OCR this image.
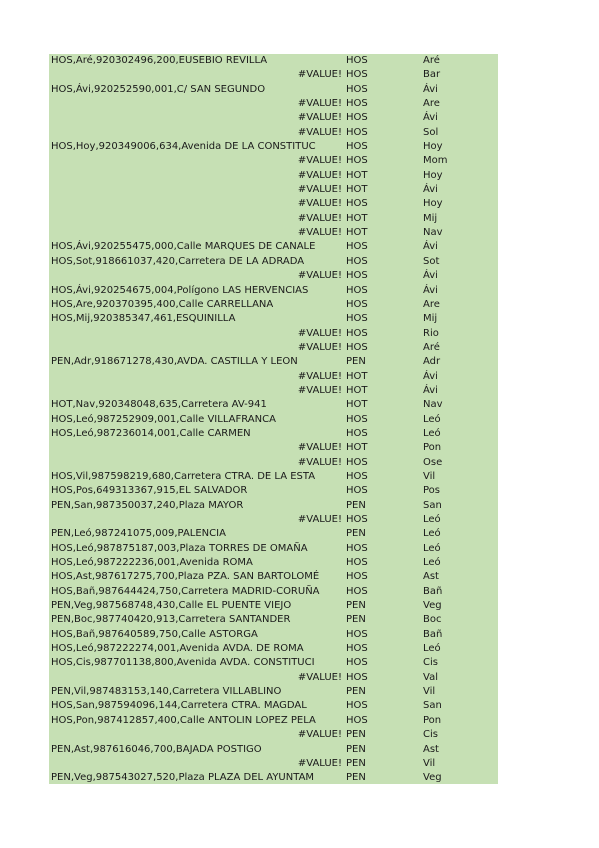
HOS,Aré,920302496,200,EUSEBIO REVILLA	HOS	Aré
#VALUE! HOS	Bar
HOS,Ávi,920252590,001,C/ SAN SEGUNDO	HOS	Ávi
#VALUE! HOS	Are
#VALUE! HOS	Ávi
#VALUE! HOS	Sol
HOS,Hoy,920349006,634,Avenida DE LA CONSTITUC	HOS	Hoy
#VALUE! HOS	Mom
#VALUE! HOT	Hoy
#VALUE! HOT	Ávi
#VALUE! HOS	Hoy
#VALUE! HOT	Mij
#VALUE! HOT	Nav
HOS,Ávi,920255475,000,Calle MARQUES DE CANALE	HOS	Ávi
HOS,Sot,918661037,420,Carretera DE LA ADRADA	HOS	Sot
#VALUE! HOS	Ávi
HOS,Ávi,920254675,004,Polígono LAS HERVENCIAS	HOS	Ávi
HOS,Are,920370395,400,Calle CARRELLANA	HOS	Are
HOS,Mij,920385347,461,ESQUINILLA	HOS	Mij
#VALUE! HOS	Rio
#VALUE! HOS	Aré
PEN,Adr,918671278,430,AVDA. CASTILLA Y LEON	PEN	Adr
#VALUE! HOT	Ávi
#VALUE! HOT	Ávi
HOT,Nav,920348048,635,Carretera AV-941	HOT	Nav
HOS,Leó,987252909,001,Calle VILLAFRANCA	HOS	Leó
HOS,Leó,987236014,001,Calle CARMEN	HOS	Leó
#VALUE! HOT	Pon
#VALUE! HOS	Ose
HOS,Vil,987598219,680,Carretera CTRA. DE LA ESTA	HOS	Vil
HOS,Pos,649313367,915,EL SALVADOR	HOS	Pos
PEN,San,987350037,240,Plaza MAYOR	PEN	San
#VALUE! HOS	Leó
PEN,Leó,987241075,009,PALENCIA	PEN	Leó
HOS,Leó,987875187,003,Plaza TORRES DE OMAÑA	HOS	Leó
HOS,Leó,987222236,001,Avenida ROMA	HOS	Leó
HOS,Ast,987617275,700,Plaza PZA. SAN BARTOLOMÉ	HOS	Ast
HOS,Bañ,987644424,750,Carretera MADRID-CORUÑA	HOS	Bañ
PEN,Veg,987568748,430,Calle EL PUENTE VIEJO	PEN	Veg
PEN,Boc,987740420,913,Carretera SANTANDER	PEN	Boc
HOS,Bañ,987640589,750,Calle ASTORGA	HOS	Bañ
HOS,Leó,987222274,001,Avenida AVDA. DE ROMA	HOS	Leó
HOS,Cis,987701138,800,Avenida AVDA. CONSTITUCI	HOS	Cis
#VALUE! HOS	Val
PEN,Vil,987483153,140,Carretera VILLABLINO	PEN	Vil
HOS,San,987594096,144,Carretera CTRA. MAGDAL	HOS	San
HOS,Pon,987412857,400,Calle ANTOLIN LOPEZ PELA	HOS	Pon
#VALUE! PEN	Cis
PEN,Ast,987616046,700,BAJADA POSTIGO	PEN	Ast
#VALUE! PEN	Vil
PEN,Veg,987543027,520,Plaza PLAZA DEL AYUNTAM	PEN	Veg
